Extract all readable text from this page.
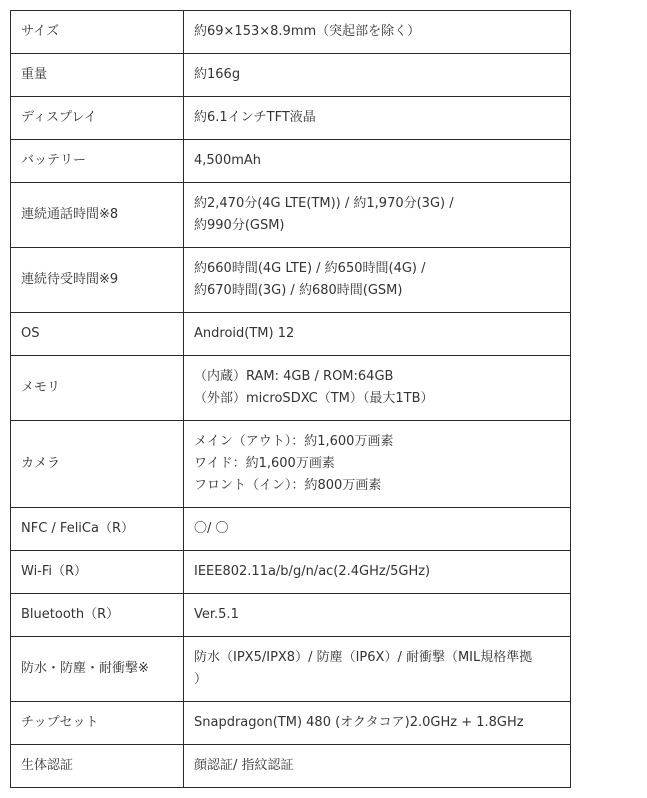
サイズ	約69×153×8.9mm（突起部を除く）
重量	約166g
ディスプレイ	約6.1インチTFT液晶
バッテリー	4,500mAh
連続通話時間※8	約2,470分(4G LTE(TM)) / 約1,970分(3G) /
約990分(GSM)
連続待受時間※9	約660時間(4G LTE) / 約650時間(4G) /
約670時間(3G) / 約680時間(GSM)
OS	Android(TM) 12
メモリ	（内蔵）RAM: 4GB / ROM:64GB
（外部）microSDXC（TM）（最大1TB）
カメラ	メイン（アウト）：約1,600万画素
ワイド：約1,600万画素
フロント（イン）：約800万画素
NFC / FeliCa（R）	〇/ 〇
Wi-Fi（R）	IEEE802.11a/b/g/n/ac(2.4GHz/5GHz)
Bluetooth（R）	Ver.5.1
防水・防塵・耐衝撃※	防水（IPX5/IPX8）/ 防塵（IP6X）/ 耐衝撃（MIL規格準拠
）
チップセット	Snapdragon(TM) 480 (オクタコア)2.0GHz + 1.8GHz
生体認証	顔認証/ 指紋認証
